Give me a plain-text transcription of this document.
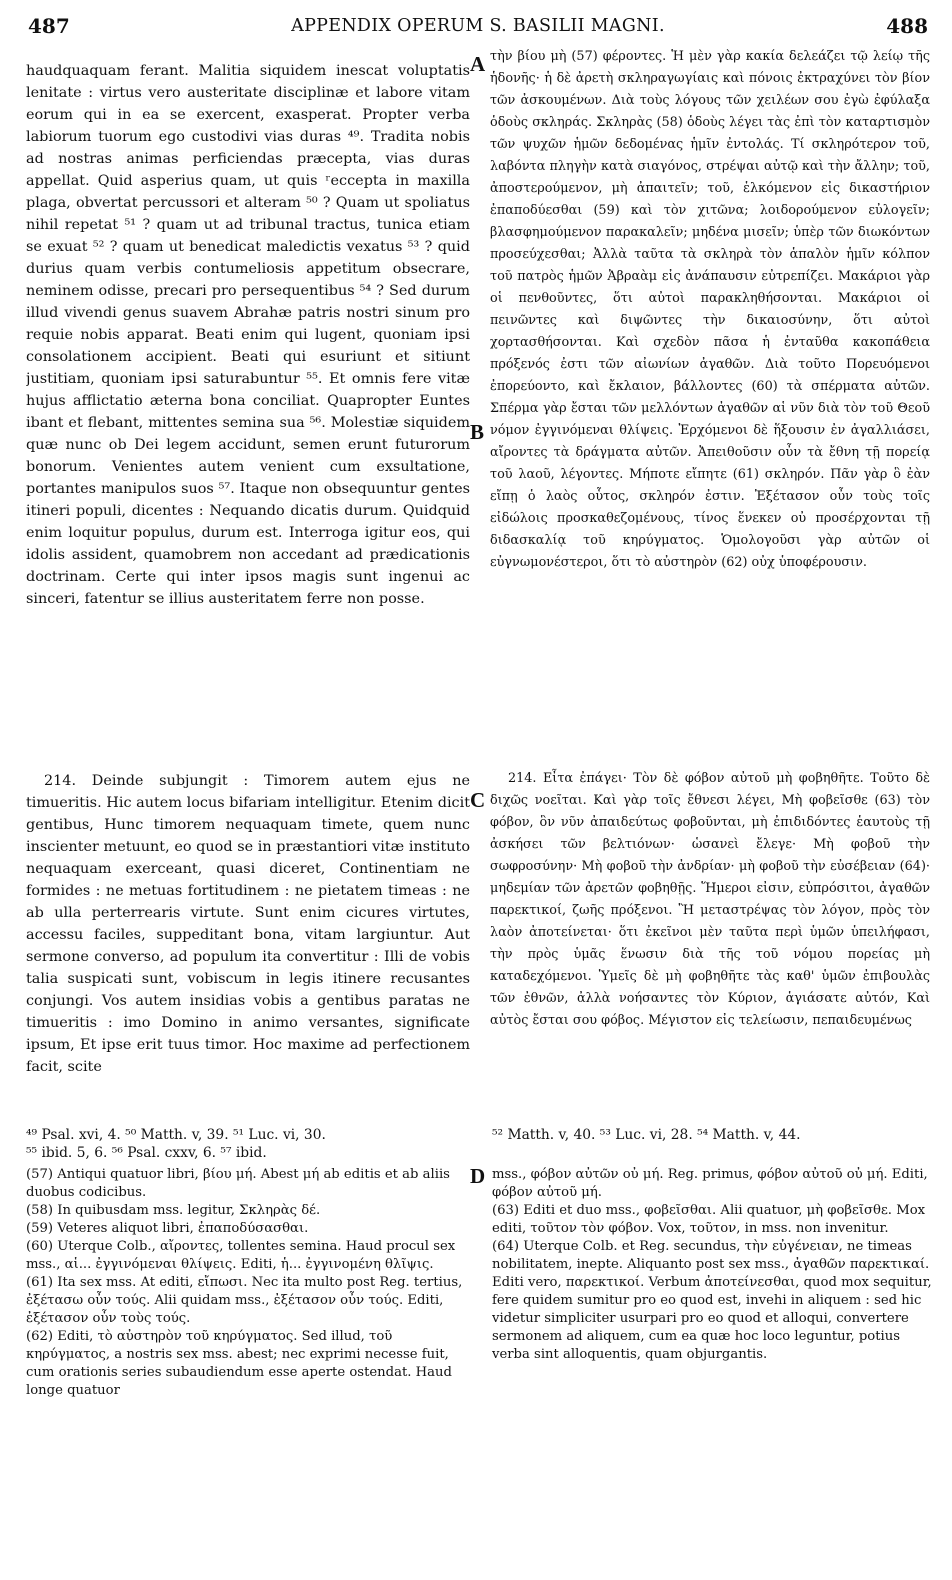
487	APPENDIX OPERUM S. BASILII MAGNI.	488
A
B
C
D

haudquaquam ferant. Malitia siquidem inescat voluptatis lenitate : virtus vero austeritate disciplinæ et labore vitam eorum qui in ea se exercent, exasperat. Propter verba labiorum tuorum ego custodivi vias duras ⁴⁹. Tradita nobis ad nostras animas perficiendas præcepta, vias duras appellat. Quid asperius quam, ut quis ʳeccepta in maxilla plaga, obvertat percussori et alteram ⁵⁰ ? Quam ut spoliatus nihil repetat ⁵¹ ? quam ut ad tribunal tractus, tunica etiam se exuat ⁵² ? quam ut benedicat maledictis vexatus ⁵³ ? quid durius quam verbis contumeliosis appetitum obsecrare, neminem odisse, precari pro persequentibus ⁵⁴ ? Sed durum illud vivendi genus suavem Abrahæ patris nostri sinum pro requie nobis apparat. Beati enim qui lugent, quoniam ipsi consolationem accipient. Beati qui esuriunt et sitiunt justitiam, quoniam ipsi saturabuntur ⁵⁵. Et omnis fere vitæ hujus afflictatio æterna bona conciliat. Quapropter Euntes ibant et flebant, mittentes semina sua ⁵⁶. Molestiæ siquidem quæ nunc ob Dei legem accidunt, semen erunt futurorum bonorum. Venientes autem venient cum exsultatione, portantes manipulos suos ⁵⁷. Itaque non obsequuntur gentes itineri populi, dicentes : Nequando dicatis durum. Quidquid enim loquitur populus, durum est. Interroga igitur eos, qui idolis assident, quamobrem non accedant ad prædicationis doctrinam. Certe qui inter ipsos magis sunt ingenui ac sinceri, fatentur se illius austeritatem ferre non posse.

214. Deinde subjungit : Timorem autem ejus ne timueritis. Hic autem locus bifariam intelligitur. Etenim dicit gentibus, Hunc timorem nequaquam timete, quem nunc inscienter metuunt, eo quod se in præstantiori vitæ instituto nequaquam exerceant, quasi diceret, Continentiam ne formides : ne metuas fortitudinem : ne pietatem timeas : ne ab ulla perterrearis virtute. Sunt enim cicures virtutes, accessu faciles, suppeditant bona, vitam largiuntur. Aut sermone converso, ad populum ita convertitur : Illi de vobis talia suspicati sunt, vobiscum in legis itinere recusantes conjungi. Vos autem insidias vobis a gentibus paratas ne timueritis : imo Domino in animo versantes, significate ipsum, Et ipse erit tuus timor. Hoc maxime ad perfectionem facit, scite

τὴν βίου μὴ (57) φέροντες. Ἡ μὲν γὰρ κακία δελεάζει τῷ λείῳ τῆς ἡδονῆς· ἡ δὲ ἀρετὴ σκληραγωγίαις καὶ πόνοις ἐκτραχύνει τὸν βίον τῶν ἀσκουμένων. Διὰ τοὺς λόγους τῶν χειλέων σου ἐγὼ ἐφύλαξα ὁδοὺς σκληράς. Σκληρὰς (58) ὁδοὺς λέγει τὰς ἐπὶ τὸν καταρτισμὸν τῶν ψυχῶν ἡμῶν δεδομένας ἡμῖν ἐντολάς. Τί σκληρότερον τοῦ, λαβόντα πληγὴν κατὰ σιαγόνος, στρέψαι αὐτῷ καὶ τὴν ἄλλην; τοῦ, ἀποστερούμενον, μὴ ἀπαιτεῖν; τοῦ, ἑλκόμενον εἰς δικαστήριον ἐπαποδύεσθαι (59) καὶ τὸν χιτῶνα; λοιδορούμενον εὐλογεῖν; βλασφημούμενον παρακαλεῖν; μηδένα μισεῖν; ὑπὲρ τῶν διωκόντων προσεύχεσθαι; Ἀλλὰ ταῦτα τὰ σκληρὰ τὸν ἁπαλὸν ἡμῖν κόλπον τοῦ πατρὸς ἡμῶν Ἀβραὰμ εἰς ἀνάπαυσιν εὐτρεπίζει. Μακάριοι γὰρ οἱ πενθοῦντες, ὅτι αὐτοὶ παρακληθήσονται. Μακάριοι οἱ πεινῶντες καὶ διψῶντες τὴν δικαιοσύνην, ὅτι αὐτοὶ χορτασθήσονται. Καὶ σχεδὸν πᾶσα ἡ ἐνταῦθα κακοπάθεια πρόξενός ἐστι τῶν αἰωνίων ἀγαθῶν. Διὰ τοῦτο Πορευόμενοι ἐπορεύοντο, καὶ ἔκλαιον, βάλλοντες (60) τὰ σπέρματα αὐτῶν. Σπέρμα γὰρ ἔσται τῶν μελλόντων ἀγαθῶν αἱ νῦν διὰ τὸν τοῦ Θεοῦ νόμον ἐγγινόμεναι θλίψεις. Ἐρχόμενοι δὲ ἥξουσιν ἐν ἀγαλλιάσει, αἴροντες τὰ δράγματα αὐτῶν. Ἀπειθοῦσιν οὖν τὰ ἔθνη τῇ πορείᾳ τοῦ λαοῦ, λέγοντες. Μήποτε εἴπητε (61) σκληρόν. Πᾶν γὰρ ὃ ἐὰν εἴπῃ ὁ λαὸς οὗτος, σκληρόν ἐστιν. Ἐξέτασον οὖν τοὺς τοῖς εἰδώλοις προσκαθεζομένους, τίνος ἕνεκεν οὐ προσέρχονται τῇ διδασκαλίᾳ τοῦ κηρύγματος. Ὁμολογοῦσι γὰρ αὐτῶν οἱ εὐγνωμονέστεροι, ὅτι τὸ αὐστηρὸν (62) οὐχ ὑποφέρουσιν.

214. Εἶτα ἐπάγει· Τὸν δὲ φόβον αὐτοῦ μὴ φοβηθῆτε. Τοῦτο δὲ διχῶς νοεῖται. Καὶ γὰρ τοῖς ἔθνεσι λέγει, Μὴ φοβεῖσθε (63) τὸν φόβον, ὃν νῦν ἀπαιδεύτως φοβοῦνται, μὴ ἐπιδιδόντες ἑαυτοὺς τῇ ἀσκήσει τῶν βελτιόνων· ὡσανεὶ ἔλεγε· Μὴ φοβοῦ τὴν σωφροσύνην· Μὴ φοβοῦ τὴν ἀνδρίαν· μὴ φοβοῦ τὴν εὐσέβειαν (64)· μηδεμίαν τῶν ἀρετῶν φοβηθῇς. Ἥμεροι εἰσιν, εὐπρόσιτοι, ἀγαθῶν παρεκτικοί, ζωῆς πρόξενοι. Ἢ μεταστρέψας τὸν λόγον, πρὸς τὸν λαὸν ἀποτείνεται· ὅτι ἐκεῖνοι μὲν ταῦτα περὶ ὑμῶν ὑπειλήφασι, τὴν πρὸς ὑμᾶς ἕνωσιν διὰ τῆς τοῦ νόμου πορείας μὴ καταδεχόμενοι. Ὑμεῖς δὲ μὴ φοβηθῆτε τὰς καθ' ὑμῶν ἐπιβουλὰς τῶν ἐθνῶν, ἀλλὰ νοήσαντες τὸν Κύριον, ἁγιάσατε αὐτόν, Καὶ αὐτὸς ἔσται σου φόβος. Μέγιστον εἰς τελείωσιν, πεπαιδευμένως

⁴⁹ Psal. xvi, 4. ⁵⁰ Matth. v, 39. ⁵¹ Luc. vi, 30.

⁵⁵ ibid. 5, 6. ⁵⁶ Psal. cxxv, 6. ⁵⁷ ibid.

⁵² Matth. v, 40. ⁵³ Luc. vi, 28. ⁵⁴ Matth. v, 44.

(57) Antiqui quatuor libri, βίου μή. Abest μή ab editis et ab aliis duobus codicibus.

(58) In quibusdam mss. legitur, Σκληρὰς δέ.

(59) Veteres aliquot libri, ἐπαποδύσασθαι.

(60) Uterque Colb., αἴροντες, tollentes semina. Haud procul sex mss., αἱ... ἐγγινόμεναι θλίψεις. Editi, ἡ... ἐγγινομένη θλῖψις.

(61) Ita sex mss. At editi, εἴπωσι. Nec ita multo post Reg. tertius, ἐξέτασω οὖν τούς. Alii quidam mss., ἐξέτασον οὖν τούς. Editi, ἐξέτασον οὖν τοὺς τούς.

(62) Editi, τὸ αὐστηρὸν τοῦ κηρύγματος. Sed illud, τοῦ κηρύγματος, a nostris sex mss. abest; nec exprimi necesse fuit, cum orationis series subaudiendum esse aperte ostendat. Haud longe quatuor

mss., φόβον αὐτῶν οὐ μή. Reg. primus, φόβον αὐτοῦ οὐ μή. Editi, φόβον αὐτοῦ μή.

(63) Editi et duo mss., φοβεῖσθαι. Alii quatuor, μὴ φοβεῖσθε. Mox editi, τοῦτον τὸν φόβον. Vox, τοῦτον, in mss. non invenitur.

(64) Uterque Colb. et Reg. secundus, τὴν εὐγένειαν, ne timeas nobilitatem, inepte. Aliquanto post sex mss., ἀγαθῶν παρεκτικαί. Editi vero, παρεκτικοί. Verbum ἀποτείνεσθαι, quod mox sequitur, fere quidem sumitur pro eo quod est, invehi in aliquem : sed hic videtur simpliciter usurpari pro eo quod et alloqui, convertere sermonem ad aliquem, cum ea quæ hoc loco leguntur, potius verba sint alloquentis, quam objurgantis.
